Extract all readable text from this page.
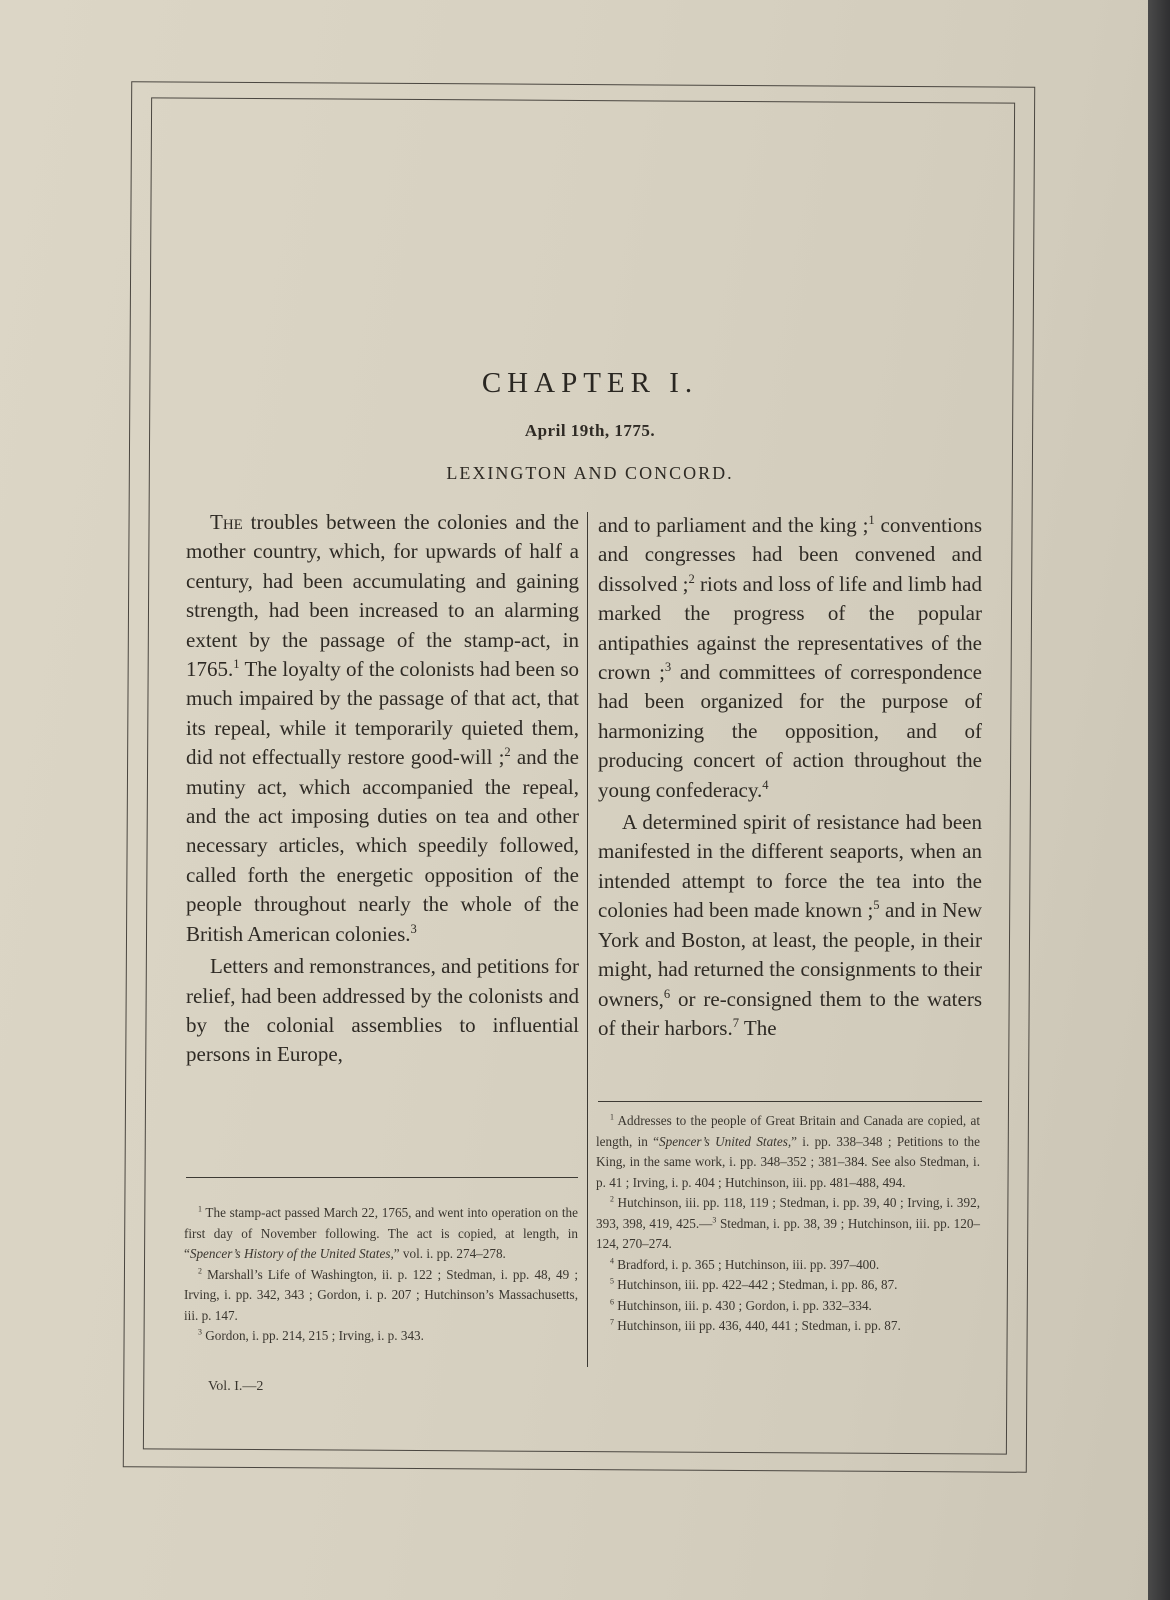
CHAPTER I.
April 19th, 1775.
LEXINGTON AND CONCORD.

The troubles between the colonies and the mother country, which, for upwards of half a century, had been accumulating and gaining strength, had been increased to an alarming extent by the passage of the stamp-act, in 1765.$^1$ The loyalty of the colonists had been so much impaired by the passage of that act, that its repeal, while it temporarily quieted them, did not effectually restore good-will ;$^2$ and the mutiny act, which accompanied the repeal, and the act imposing duties on tea and other necessary articles, which speedily followed, called forth the energetic opposition of the people throughout nearly the whole of the British American colonies.$^3$

Letters and remonstrances, and petitions for relief, had been addressed by the colonists and by the colonial assemblies to influential persons in Europe,

and to parliament and the king ;$^1$ conventions and congresses had been convened and dissolved ;$^2$ riots and loss of life and limb had marked the progress of the popular antipathies against the representatives of the crown ;$^3$ and committees of correspondence had been organized for the purpose of harmonizing the opposition, and of producing concert of action throughout the young confederacy.$^4$

A determined spirit of resistance had been manifested in the different seaports, when an intended attempt to force the tea into the colonies had been made known ;$^5$ and in New York and Boston, at least, the people, in their might, had returned the consignments to their owners,$^6$ or re-consigned them to the waters of their harbors.$^7$ The

$^1$ The stamp-act passed March 22, 1765, and went into operation on the first day of November following. The act is copied, at length, in “Spencer’s History of the United States,” vol. i. pp. 274–278.

$^2$ Marshall’s Life of Washington, ii. p. 122 ; Stedman, i. pp. 48, 49 ; Irving, i. pp. 342, 343 ; Gordon, i. p. 207 ; Hutchinson’s Massachusetts, iii. p. 147.

$^3$ Gordon, i. pp. 214, 215 ; Irving, i. p. 343.

Vol. I.—2

$^1$ Addresses to the people of Great Britain and Canada are copied, at length, in “Spencer’s United States,” i. pp. 338–348 ; Petitions to the King, in the same work, i. pp. 348–352 ; 381–384. See also Stedman, i. p. 41 ; Irving, i. p. 404 ; Hutchinson, iii. pp. 481–488, 494.

$^2$ Hutchinson, iii. pp. 118, 119 ; Stedman, i. pp. 39, 40 ; Irving, i. 392, 393, 398, 419, 425.—$^3$ Stedman, i. pp. 38, 39 ; Hutchinson, iii. pp. 120–124, 270–274.

$^4$ Bradford, i. p. 365 ; Hutchinson, iii. pp. 397–400.

$^5$ Hutchinson, iii. pp. 422–442 ; Stedman, i. pp. 86, 87.

$^6$ Hutchinson, iii. p. 430 ; Gordon, i. pp. 332–334.

$^7$ Hutchinson, iii pp. 436, 440, 441 ; Stedman, i. pp. 87.
